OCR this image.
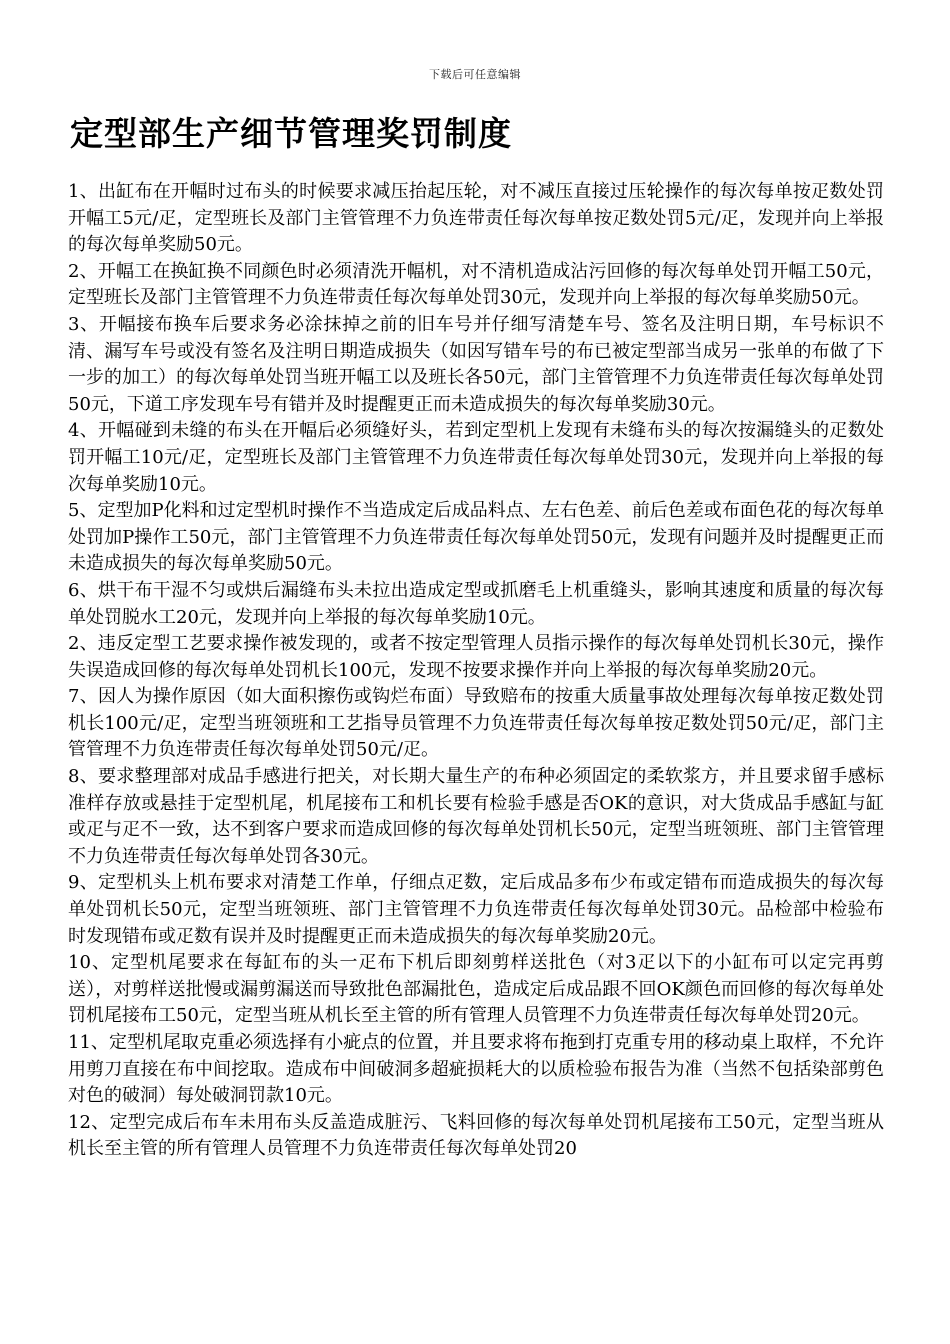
下载后可任意编辑
定型部生产细节管理奖罚制度

1、出缸布在开幅时过布头的时候要求减压抬起压轮，对不减压直接过压轮操作的每次每单按疋数处罚开幅工5元/疋，定型班长及部门主管管理不力负连带责任每次每单按疋数处罚5元/疋，发现并向上举报的每次每单奖励50元。

2、开幅工在换缸换不同颜色时必须清洗开幅机，对不清机造成沾污回修的每次每单处罚开幅工50元，定型班长及部门主管管理不力负连带责任每次每单处罚30元，发现并向上举报的每次每单奖励50元。

3、开幅接布换车后要求务必涂抹掉之前的旧车号并仔细写清楚车号、签名及注明日期，车号标识不清、漏写车号或没有签名及注明日期造成损失（如因写错车号的布已被定型部当成另一张单的布做了下一步的加工）的每次每单处罚当班开幅工以及班长各50元，部门主管管理不力负连带责任每次每单处罚50元，下道工序发现车号有错并及时提醒更正而未造成损失的每次每单奖励30元。

4、开幅碰到未缝的布头在开幅后必须缝好头，若到定型机上发现有未缝布头的每次按漏缝头的疋数处罚开幅工10元/疋，定型班长及部门主管管理不力负连带责任每次每单处罚30元，发现并向上举报的每次每单奖励10元。

5、定型加P化料和过定型机时操作不当造成定后成品料点、左右色差、前后色差或布面色花的每次每单处罚加P操作工50元，部门主管管理不力负连带责任每次每单处罚50元，发现有问题并及时提醒更正而未造成损失的每次每单奖励50元。

6、烘干布干湿不匀或烘后漏缝布头未拉出造成定型或抓磨毛上机重缝头，影响其速度和质量的每次每单处罚脱水工20元，发现并向上举报的每次每单奖励10元。

2、违反定型工艺要求操作被发现的，或者不按定型管理人员指示操作的每次每单处罚机长30元，操作失误造成回修的每次每单处罚机长100元，发现不按要求操作并向上举报的每次每单奖励20元。

7、因人为操作原因（如大面积擦伤或钩烂布面）导致赔布的按重大质量事故处理每次每单按疋数处罚机长100元/疋，定型当班领班和工艺指导员管理不力负连带责任每次每单按疋数处罚50元/疋，部门主管管理不力负连带责任每次每单处罚50元/疋。

8、要求整理部对成品手感进行把关，对长期大量生产的布种必须固定的柔软浆方，并且要求留手感标准样存放或悬挂于定型机尾，机尾接布工和机长要有检验手感是否OK的意识，对大货成品手感缸与缸或疋与疋不一致，达不到客户要求而造成回修的每次每单处罚机长50元，定型当班领班、部门主管管理不力负连带责任每次每单处罚各30元。

9、定型机头上机布要求对清楚工作单，仔细点疋数，定后成品多布少布或定错布而造成损失的每次每单处罚机长50元，定型当班领班、部门主管管理不力负连带责任每次每单处罚30元。品检部中检验布时发现错布或疋数有误并及时提醒更正而未造成损失的每次每单奖励20元。

10、定型机尾要求在每缸布的头一疋布下机后即刻剪样送批色（对3疋以下的小缸布可以定完再剪送），对剪样送批慢或漏剪漏送而导致批色部漏批色，造成定后成品跟不回OK颜色而回修的每次每单处罚机尾接布工50元，定型当班从机长至主管的所有管理人员管理不力负连带责任每次每单处罚20元。

11、定型机尾取克重必须选择有小疵点的位置，并且要求将布拖到打克重专用的移动桌上取样，不允许用剪刀直接在布中间挖取。造成布中间破洞多超疵损耗大的以质检验布报告为准（当然不包括染部剪色对色的破洞）每处破洞罚款10元。

12、定型完成后布车未用布头反盖造成脏污、飞料回修的每次每单处罚机尾接布工50元，定型当班从机长至主管的所有管理人员管理不力负连带责任每次每单处罚20
